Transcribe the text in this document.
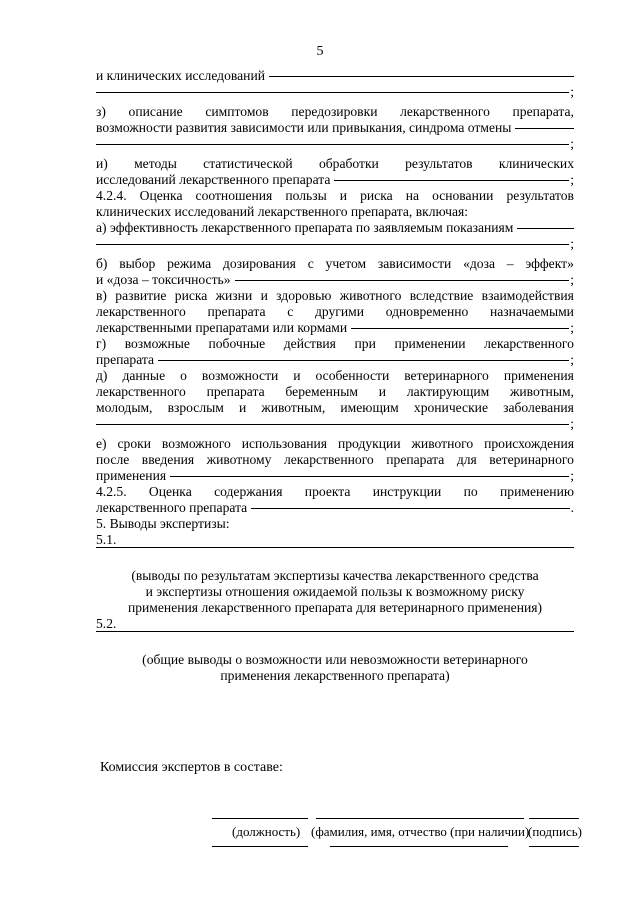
5
и клинических исследований
;
з) описание симптомов передозировки лекарственного препарата,
возможности развития зависимости или привыкания, синдрома отмены
;
и) методы статистической обработки результатов клинических
исследований лекарственного препарата	;
4.2.4. Оценка соотношения пользы и риска на основании результатов
клинических исследований лекарственного препарата, включая:
а) эффективность лекарственного препарата по заявляемым показаниям
;
б) выбор режима дозирования с учетом зависимости «доза – эффект»
и «доза – токсичность»	;
в) развитие риска жизни и здоровью животного вследствие взаимодействия
лекарственного препарата с другими одновременно назначаемыми
лекарственными препаратами или кормами	;
г) возможные побочные действия при применении лекарственного
препарата	;
д) данные о возможности и особенности ветеринарного применения
лекарственного препарата беременным и лактирующим животным,
молодым, взрослым и животным, имеющим хронические заболевания
;
е) сроки возможного использования продукции животного происхождения
после введения животному лекарственного препарата для ветеринарного
применения	;
4.2.5. Оценка содержания проекта инструкции по применению
лекарственного препарата	.
5. Выводы экспертизы:
5.1.
(выводы по результатам экспертизы качества лекарственного средства
и экспертизы отношения ожидаемой пользы к возможному риску
применения лекарственного препарата для ветеринарного применения)
5.2.
(общие выводы о возможности или невозможности ветеринарного
применения лекарственного препарата)
Комиссия экспертов в составе:
(должность) (фамилия, имя, отчество (при наличии)
(подпись)
